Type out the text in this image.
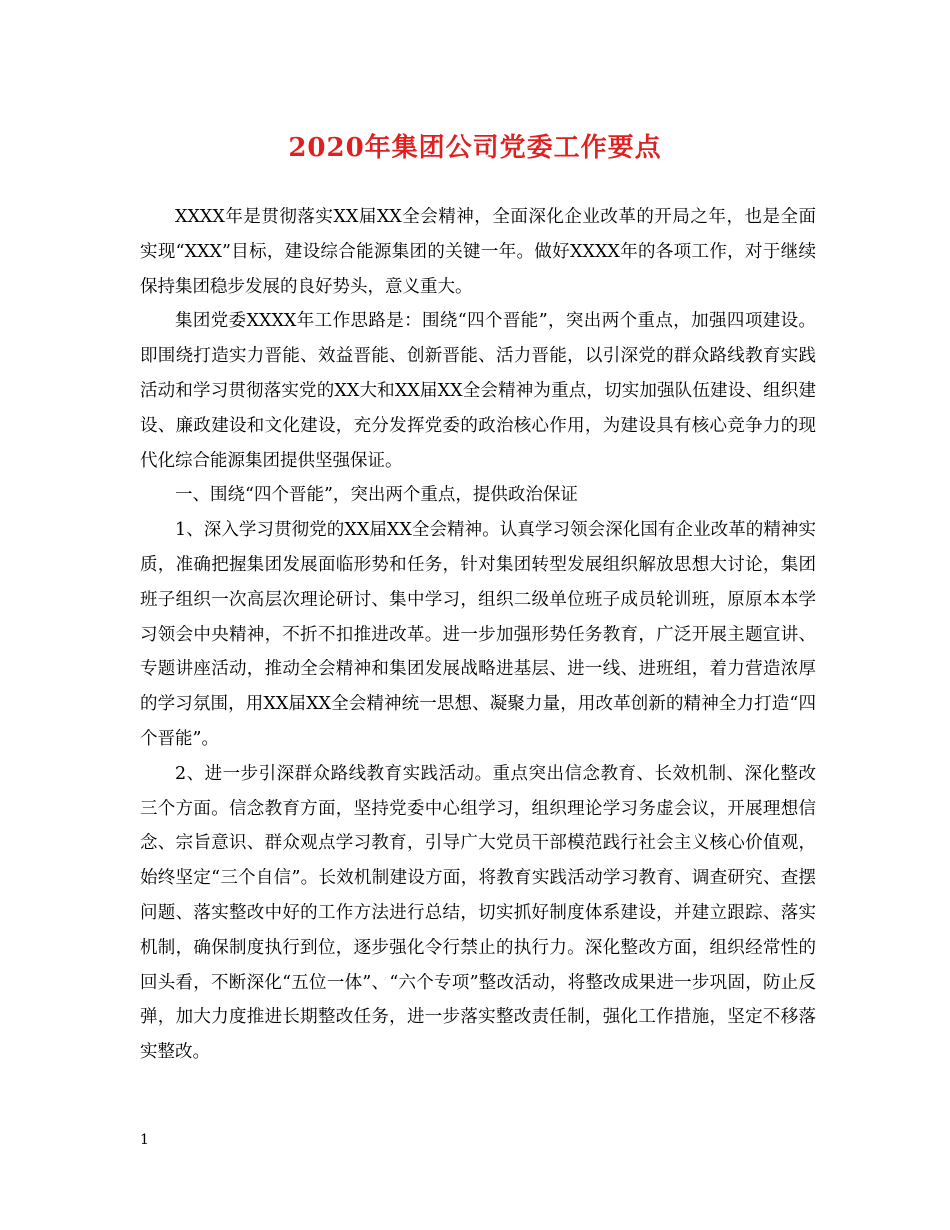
2020年集团公司党委工作要点

XXXX年是贯彻落实XX届XX全会精神，全面深化企业改革的开局之年，也是全面实现“XXX”目标，建设综合能源集团的关键一年。做好XXXX年的各项工作，对于继续保持集团稳步发展的良好势头，意义重大。

集团党委XXXX年工作思路是：围绕“四个晋能”，突出两个重点，加强四项建设。即围绕打造实力晋能、效益晋能、创新晋能、活力晋能，以引深党的群众路线教育实践活动和学习贯彻落实党的XX大和XX届XX全会精神为重点，切实加强队伍建设、组织建设、廉政建设和文化建设，充分发挥党委的政治核心作用，为建设具有核心竞争力的现代化综合能源集团提供坚强保证。

一、围绕“四个晋能”，突出两个重点，提供政治保证

1、深入学习贯彻党的XX届XX全会精神。认真学习领会深化国有企业改革的精神实质，准确把握集团发展面临形势和任务，针对集团转型发展组织解放思想大讨论，集团班子组织一次高层次理论研讨、集中学习，组织二级单位班子成员轮训班，原原本本学习领会中央精神，不折不扣推进改革。进一步加强形势任务教育，广泛开展主题宣讲、专题讲座活动，推动全会精神和集团发展战略进基层、进一线、进班组，着力营造浓厚的学习氛围，用XX届XX全会精神统一思想、凝聚力量，用改革创新的精神全力打造“四个晋能”。

2、进一步引深群众路线教育实践活动。重点突出信念教育、长效机制、深化整改三个方面。信念教育方面，坚持党委中心组学习，组织理论学习务虚会议，开展理想信念、宗旨意识、群众观点学习教育，引导广大党员干部模范践行社会主义核心价值观，始终坚定“三个自信”。长效机制建设方面，将教育实践活动学习教育、调查研究、查摆问题、落实整改中好的工作方法进行总结，切实抓好制度体系建设，并建立跟踪、落实机制，确保制度执行到位，逐步强化令行禁止的执行力。深化整改方面，组织经常性的回头看，不断深化“五位一体”、“六个专项”整改活动，将整改成果进一步巩固，防止反弹，加大力度推进长期整改任务，进一步落实整改责任制，强化工作措施，坚定不移落实整改。

1
